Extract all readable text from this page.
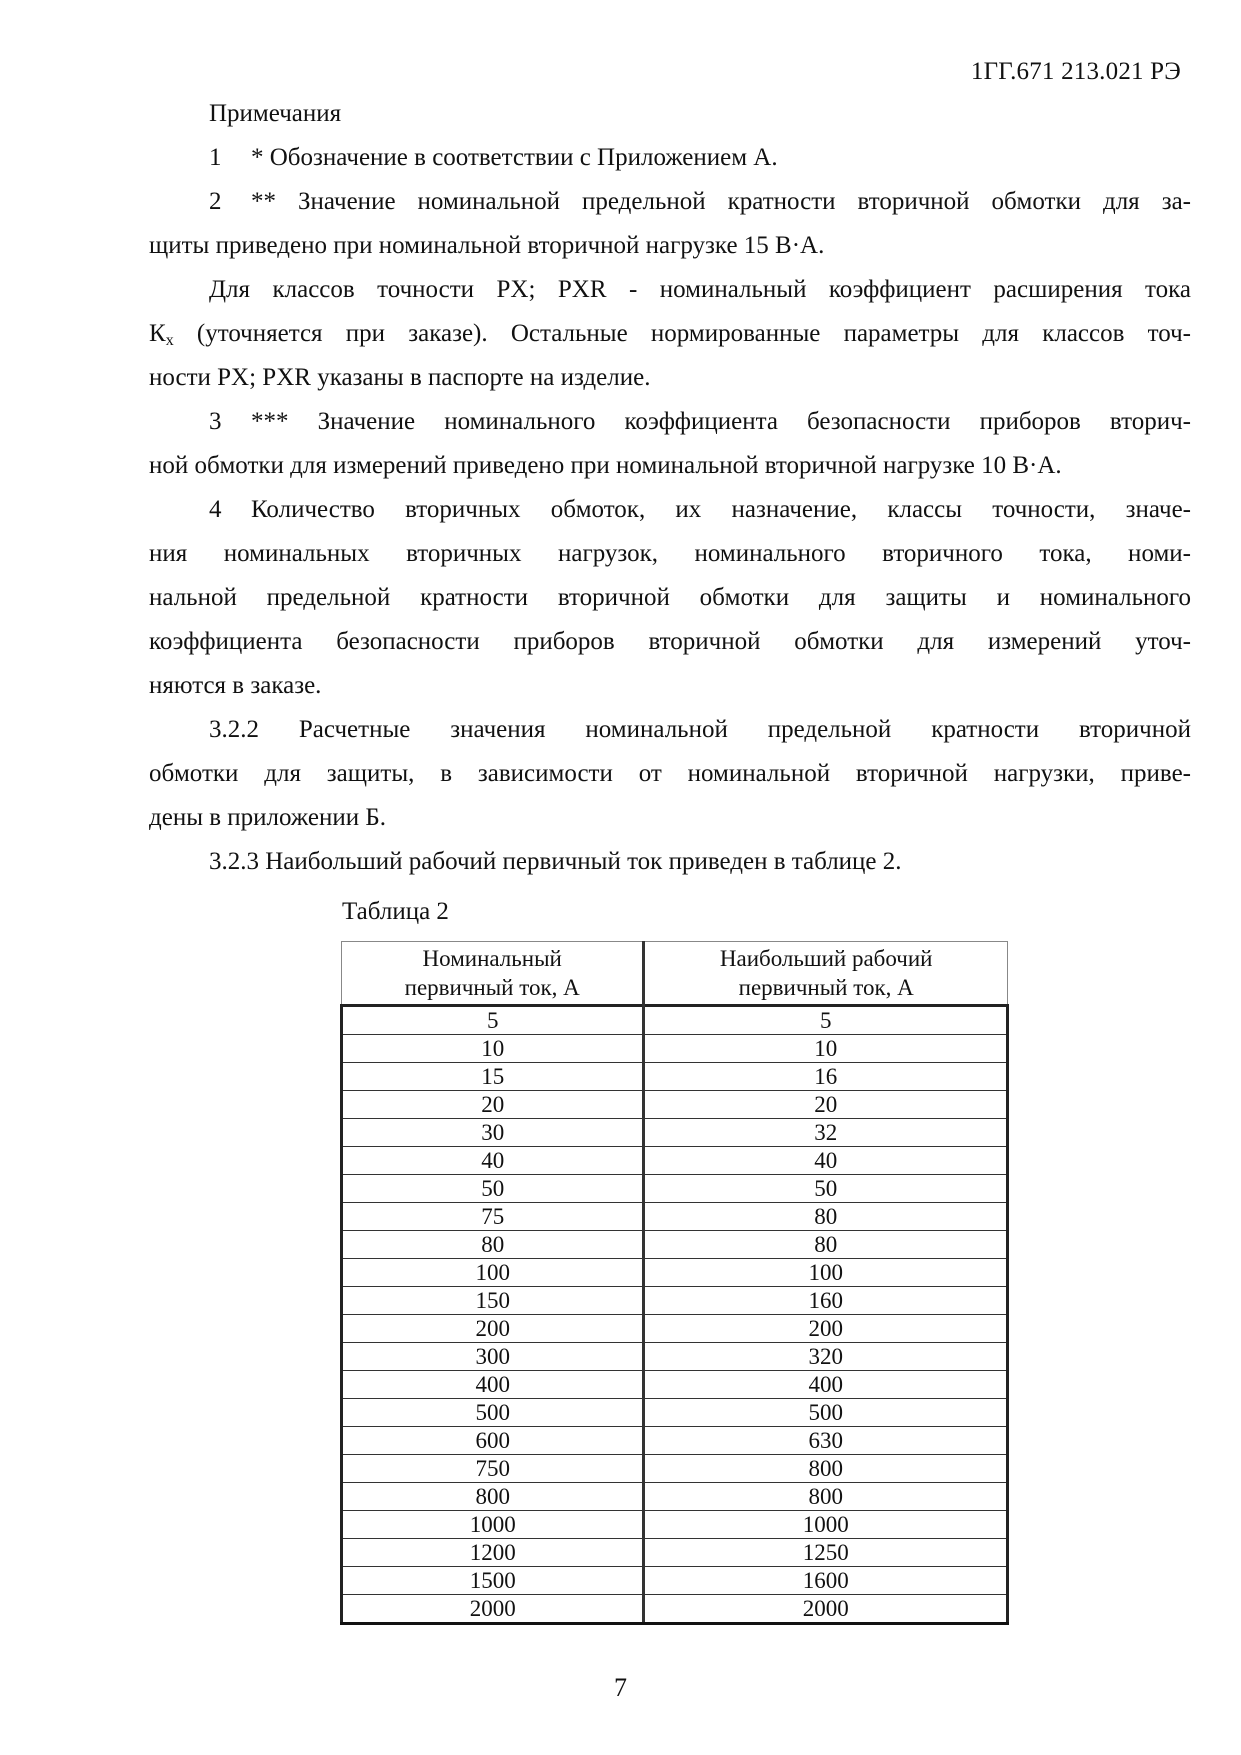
1ГГ.671 213.021 РЭ
Примечания
1 * Обозначение в соответствии с Приложением А.
2 ** Значение номинальной предельной кратности вторичной обмотки для за-
щиты приведено при номинальной вторичной нагрузке 15 В·А.
Для классов точности PX; PXR - номинальный коэффициент расширения тока
$К_x$ (уточняется при заказе). Остальные нормированные параметры для классов точ-
ности PX; PXR указаны в паспорте на изделие.
3 *** Значение номинального коэффициента безопасности приборов вторич-
ной обмотки для измерений приведено при номинальной вторичной нагрузке 10 В·А.
4 Количество вторичных обмоток, их назначение, классы точности, значе-
ния номинальных вторичных нагрузок, номинального вторичного тока, номи-
нальной предельной кратности вторичной обмотки для защиты и номинального
коэффициента безопасности приборов вторичной обмотки для измерений уточ-
няются в заказе.
3.2.2 Расчетные значения номинальной предельной кратности вторичной
обмотки для защиты, в зависимости от номинальной вторичной нагрузки, приве-
дены в приложении Б.
3.2.3 Наибольший рабочий первичный ток приведен в таблице 2.
Таблица 2
Номинальный
первичный ток, А

Наибольший рабочий
первичный ток, А

5	5
10	10
15	16
20	20
30	32
40	40
50	50
75	80
80	80
100	100
150	160
200	200
300	320
400	400
500	500
600	630
750	800
800	800
1000	1000
1200	1250
1500	1600
2000	2000
7
